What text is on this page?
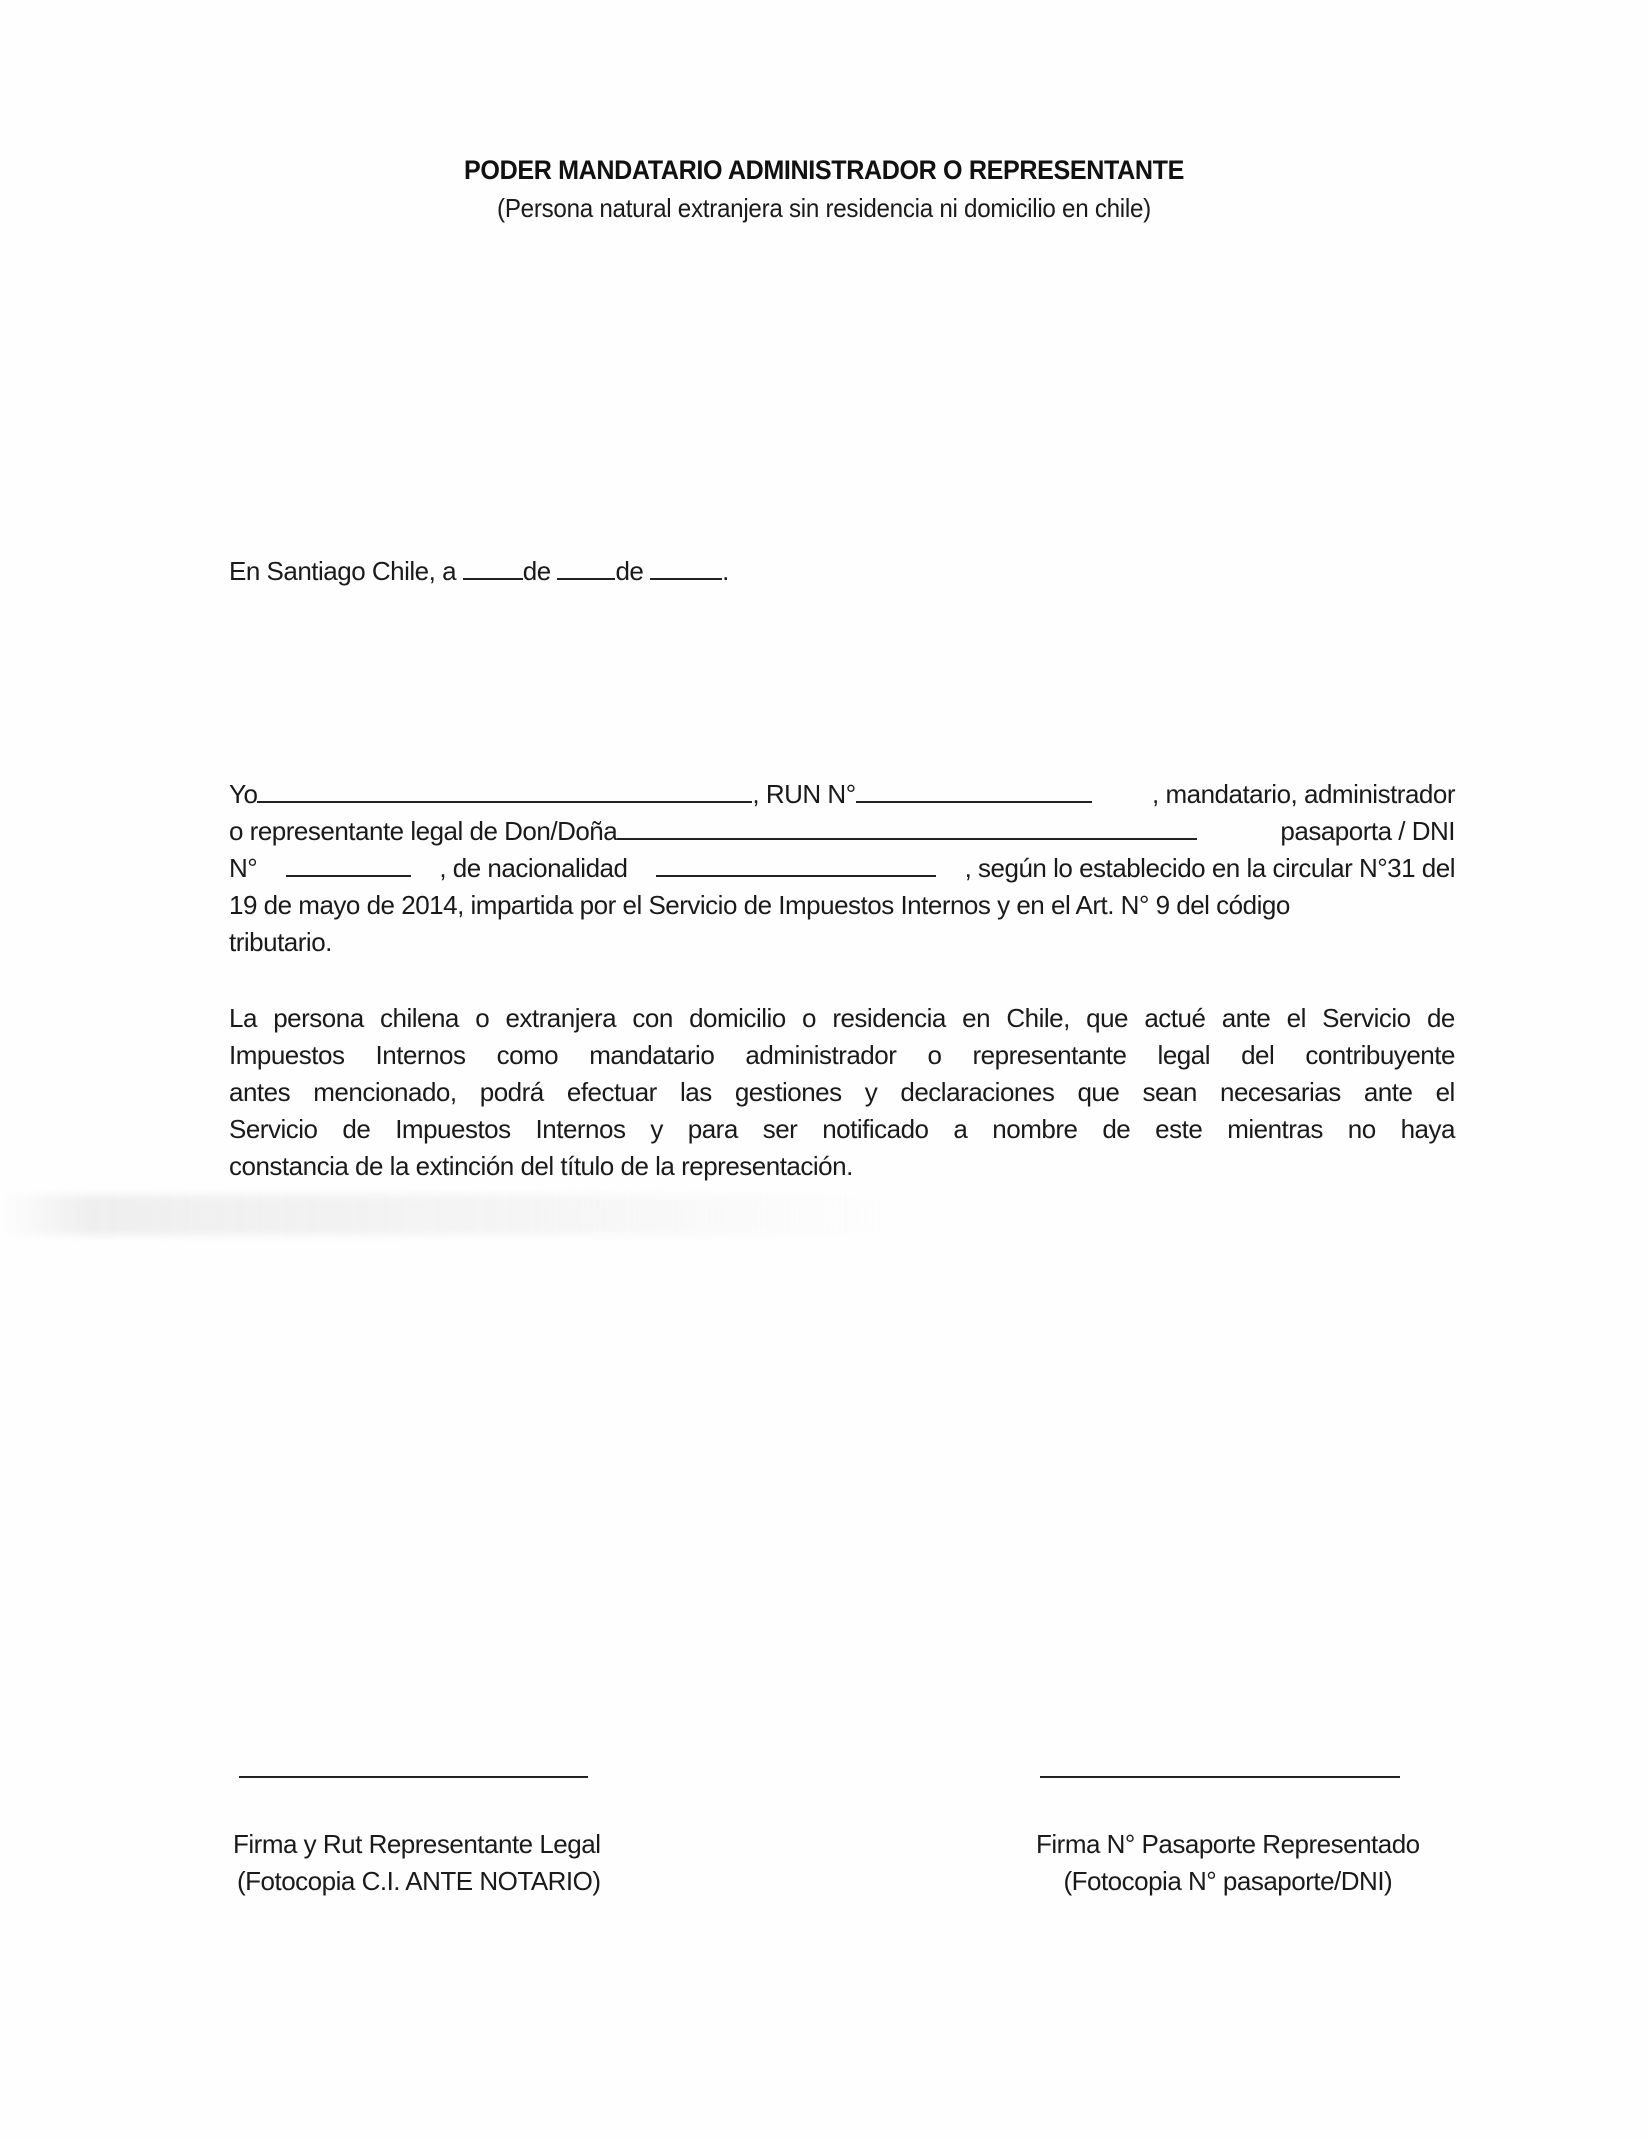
PODER MANDATARIO ADMINISTRADOR O REPRESENTANTE
(Persona natural extranjera sin residencia ni domicilio en chile)
En Santiago Chile, a de de	.
Yo	, RUN N°	, mandatario, administrador
o representante legal de Don/Doña	pasaporta / DNI
N°	, de nacionalidad	, según lo establecido en la circular N°31 del
19 de mayo de 2014, impartida por el Servicio de Impuestos Internos y en el Art. N° 9 del código
tributario.
La persona chilena o extranjera con domicilio o residencia en Chile, que actué ante el Servicio de
Impuestos Internos como mandatario administrador o representante legal del contribuyente
antes mencionado, podrá efectuar las gestiones y declaraciones que sean necesarias ante el
Servicio de Impuestos Internos y para ser notificado a nombre de este mientras no haya
constancia de la extinción del título de la representación.
Firma y Rut Representante Legal
(Fotocopia C.I. ANTE NOTARIO)
Firma N° Pasaporte Representado
(Fotocopia N° pasaporte/DNI)
